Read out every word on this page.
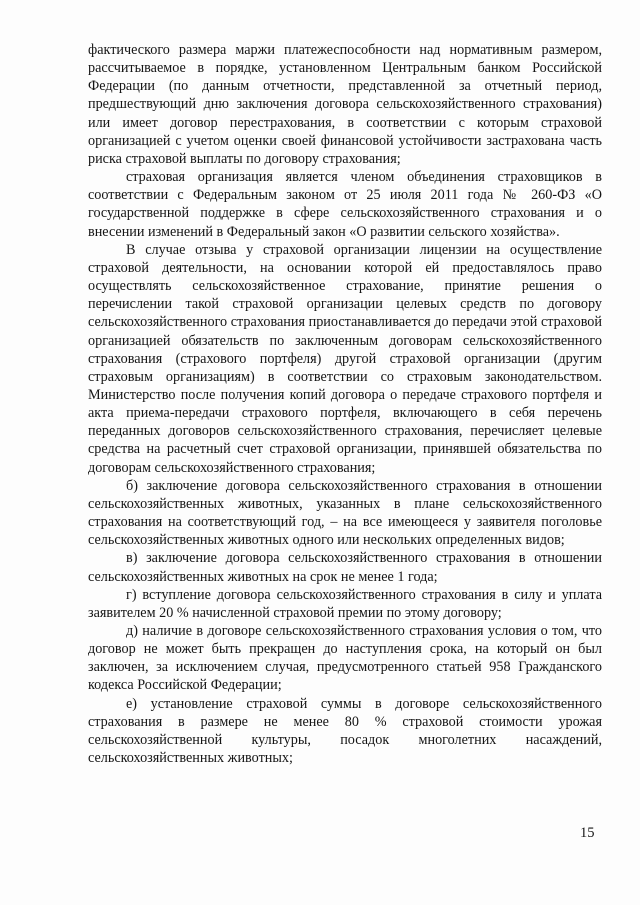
фактического размера маржи платежеспособности над нормативным размером, рассчитываемое в порядке, установленном Центральным банком Российской Федерации (по данным отчетности, представленной за отчетный период, предшествующий дню заключения договора сельскохозяйственного страхования) или имеет договор перестрахования, в соответствии с которым страховой организацией с учетом оценки своей финансовой устойчивости застрахована часть риска страховой выплаты по договору страхования;

страховая организация является членом объединения страховщиков в соответствии с Федеральным законом от 25 июля 2011 года № 260-ФЗ «О государственной поддержке в сфере сельскохозяйственного страхования и о внесении изменений в Федеральный закон «О развитии сельского хозяйства».

В случае отзыва у страховой организации лицензии на осуществление страховой деятельности, на основании которой ей предоставлялось право осуществлять сельскохозяйственное страхование, принятие решения о перечислении такой страховой организации целевых средств по договору сельскохозяйственного страхования приостанавливается до передачи этой страховой организацией обязательств по заключенным договорам сельскохозяйственного страхования (страхового портфеля) другой страховой организации (другим страховым организациям) в соответствии со страховым законодательством. Министерство после получения копий договора о передаче страхового портфеля и акта приема-передачи страхового портфеля, включающего в себя перечень переданных договоров сельскохозяйственного страхования, перечисляет целевые средства на расчетный счет страховой организации, принявшей обязательства по договорам сельскохозяйственного страхования;

б) заключение договора сельскохозяйственного страхования в отношении сельскохозяйственных животных, указанных в плане сельскохозяйственного страхования на соответствующий год, – на все имеющееся у заявителя поголовье сельскохозяйственных животных одного или нескольких определенных видов;

в) заключение договора сельскохозяйственного страхования в отношении сельскохозяйственных животных на срок не менее 1 года;

г) вступление договора сельскохозяйственного страхования в силу и уплата заявителем 20 % начисленной страховой премии по этому договору;

д) наличие в договоре сельскохозяйственного страхования условия о том, что договор не может быть прекращен до наступления срока, на который он был заключен, за исключением случая, предусмотренного статьей 958 Гражданского кодекса Российской Федерации;

е) установление страховой суммы в договоре сельскохозяйственного страхования в размере не менее 80 % страховой стоимости урожая сельскохозяйственной культуры, посадок многолетних насаждений, сельскохозяйственных животных;

15
